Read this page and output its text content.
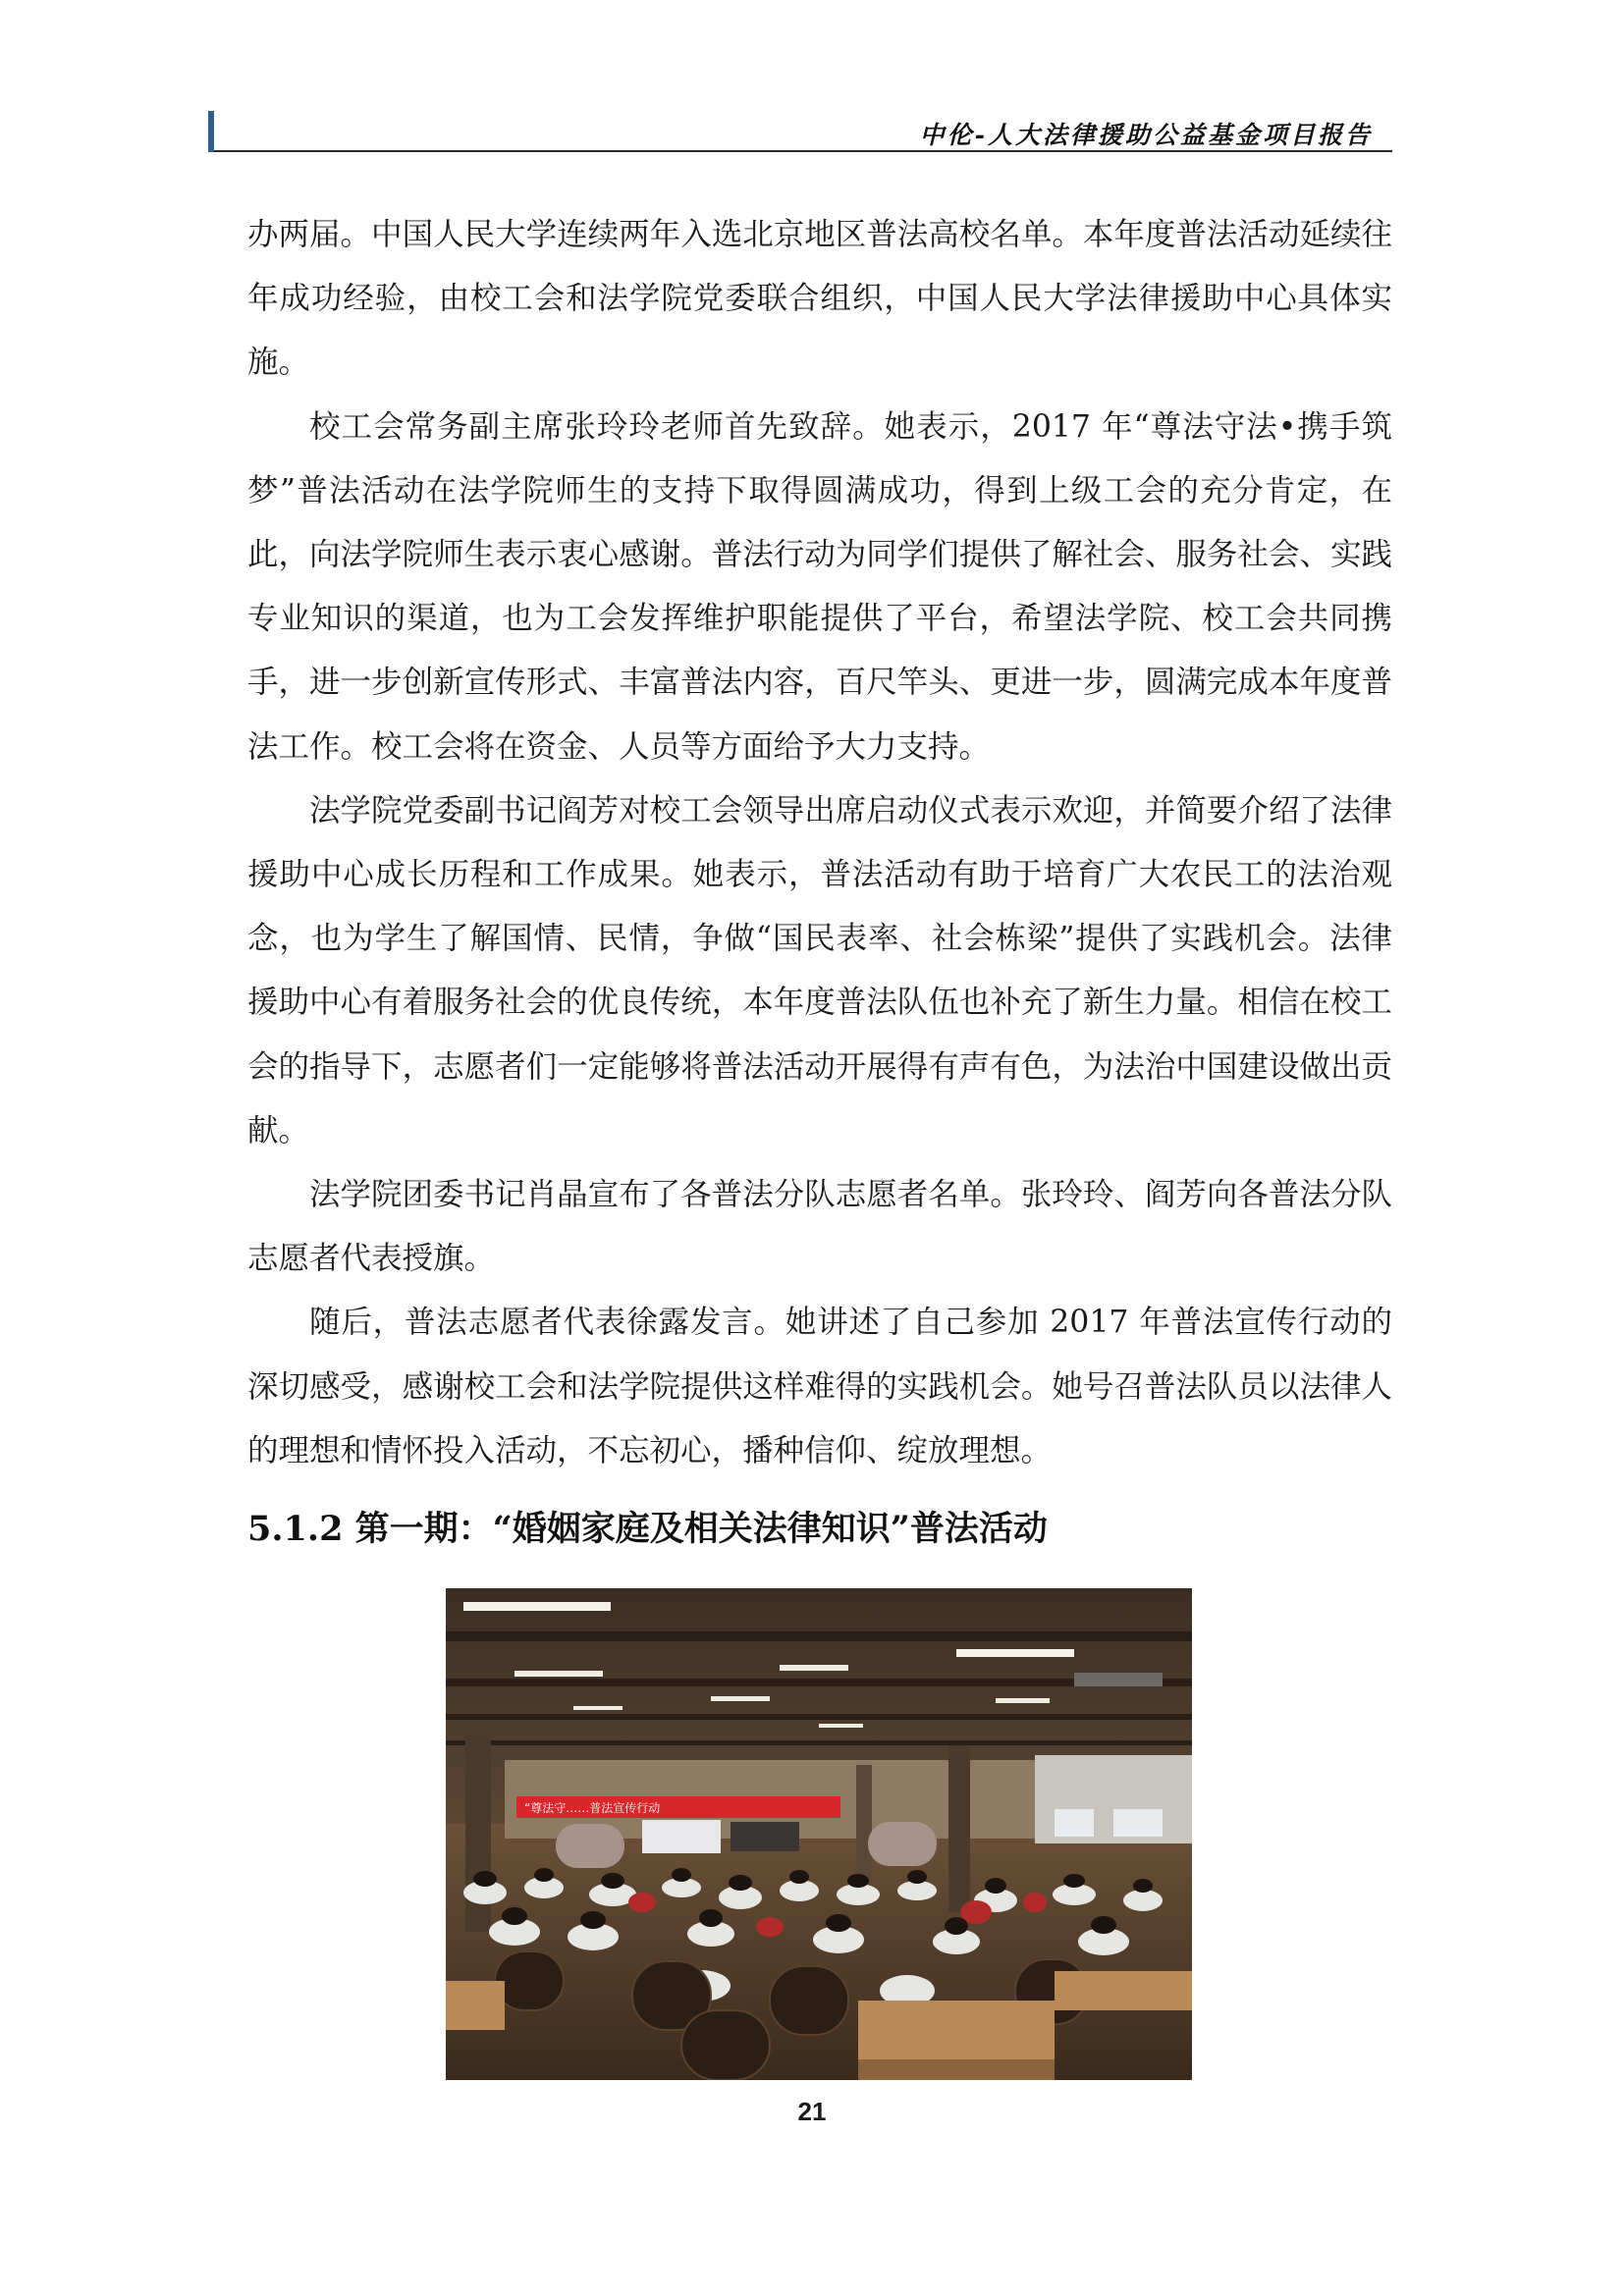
中伦-人大法律援助公益基金项目报告

办两届。中国人民大学连续两年入选北京地区普法高校名单。本年度普法活动延续往年成功经验，由校工会和法学院党委联合组织，中国人民大学法律援助中心具体实施。

校工会常务副主席张玲玲老师首先致辞。她表示，2017 年“尊法守法•携手筑梦”普法活动在法学院师生的支持下取得圆满成功，得到上级工会的充分肯定，在此，向法学院师生表示衷心感谢。普法行动为同学们提供了解社会、服务社会、实践专业知识的渠道，也为工会发挥维护职能提供了平台，希望法学院、校工会共同携手，进一步创新宣传形式、丰富普法内容，百尺竿头、更进一步，圆满完成本年度普法工作。校工会将在资金、人员等方面给予大力支持。

法学院党委副书记阎芳对校工会领导出席启动仪式表示欢迎，并简要介绍了法律援助中心成长历程和工作成果。她表示，普法活动有助于培育广大农民工的法治观念，也为学生了解国情、民情，争做“国民表率、社会栋梁”提供了实践机会。法律援助中心有着服务社会的优良传统，本年度普法队伍也补充了新生力量。相信在校工会的指导下，志愿者们一定能够将普法活动开展得有声有色，为法治中国建设做出贡献。

法学院团委书记肖晶宣布了各普法分队志愿者名单。张玲玲、阎芳向各普法分队志愿者代表授旗。

随后，普法志愿者代表徐露发言。她讲述了自己参加 2017 年普法宣传行动的深切感受，感谢校工会和法学院提供这样难得的实践机会。她号召普法队员以法律人的理想和情怀投入活动，不忘初心，播种信仰、绽放理想。

5.1.2 第一期：“婚姻家庭及相关法律知识”普法活动
“尊法守……普法宣传行动
21
